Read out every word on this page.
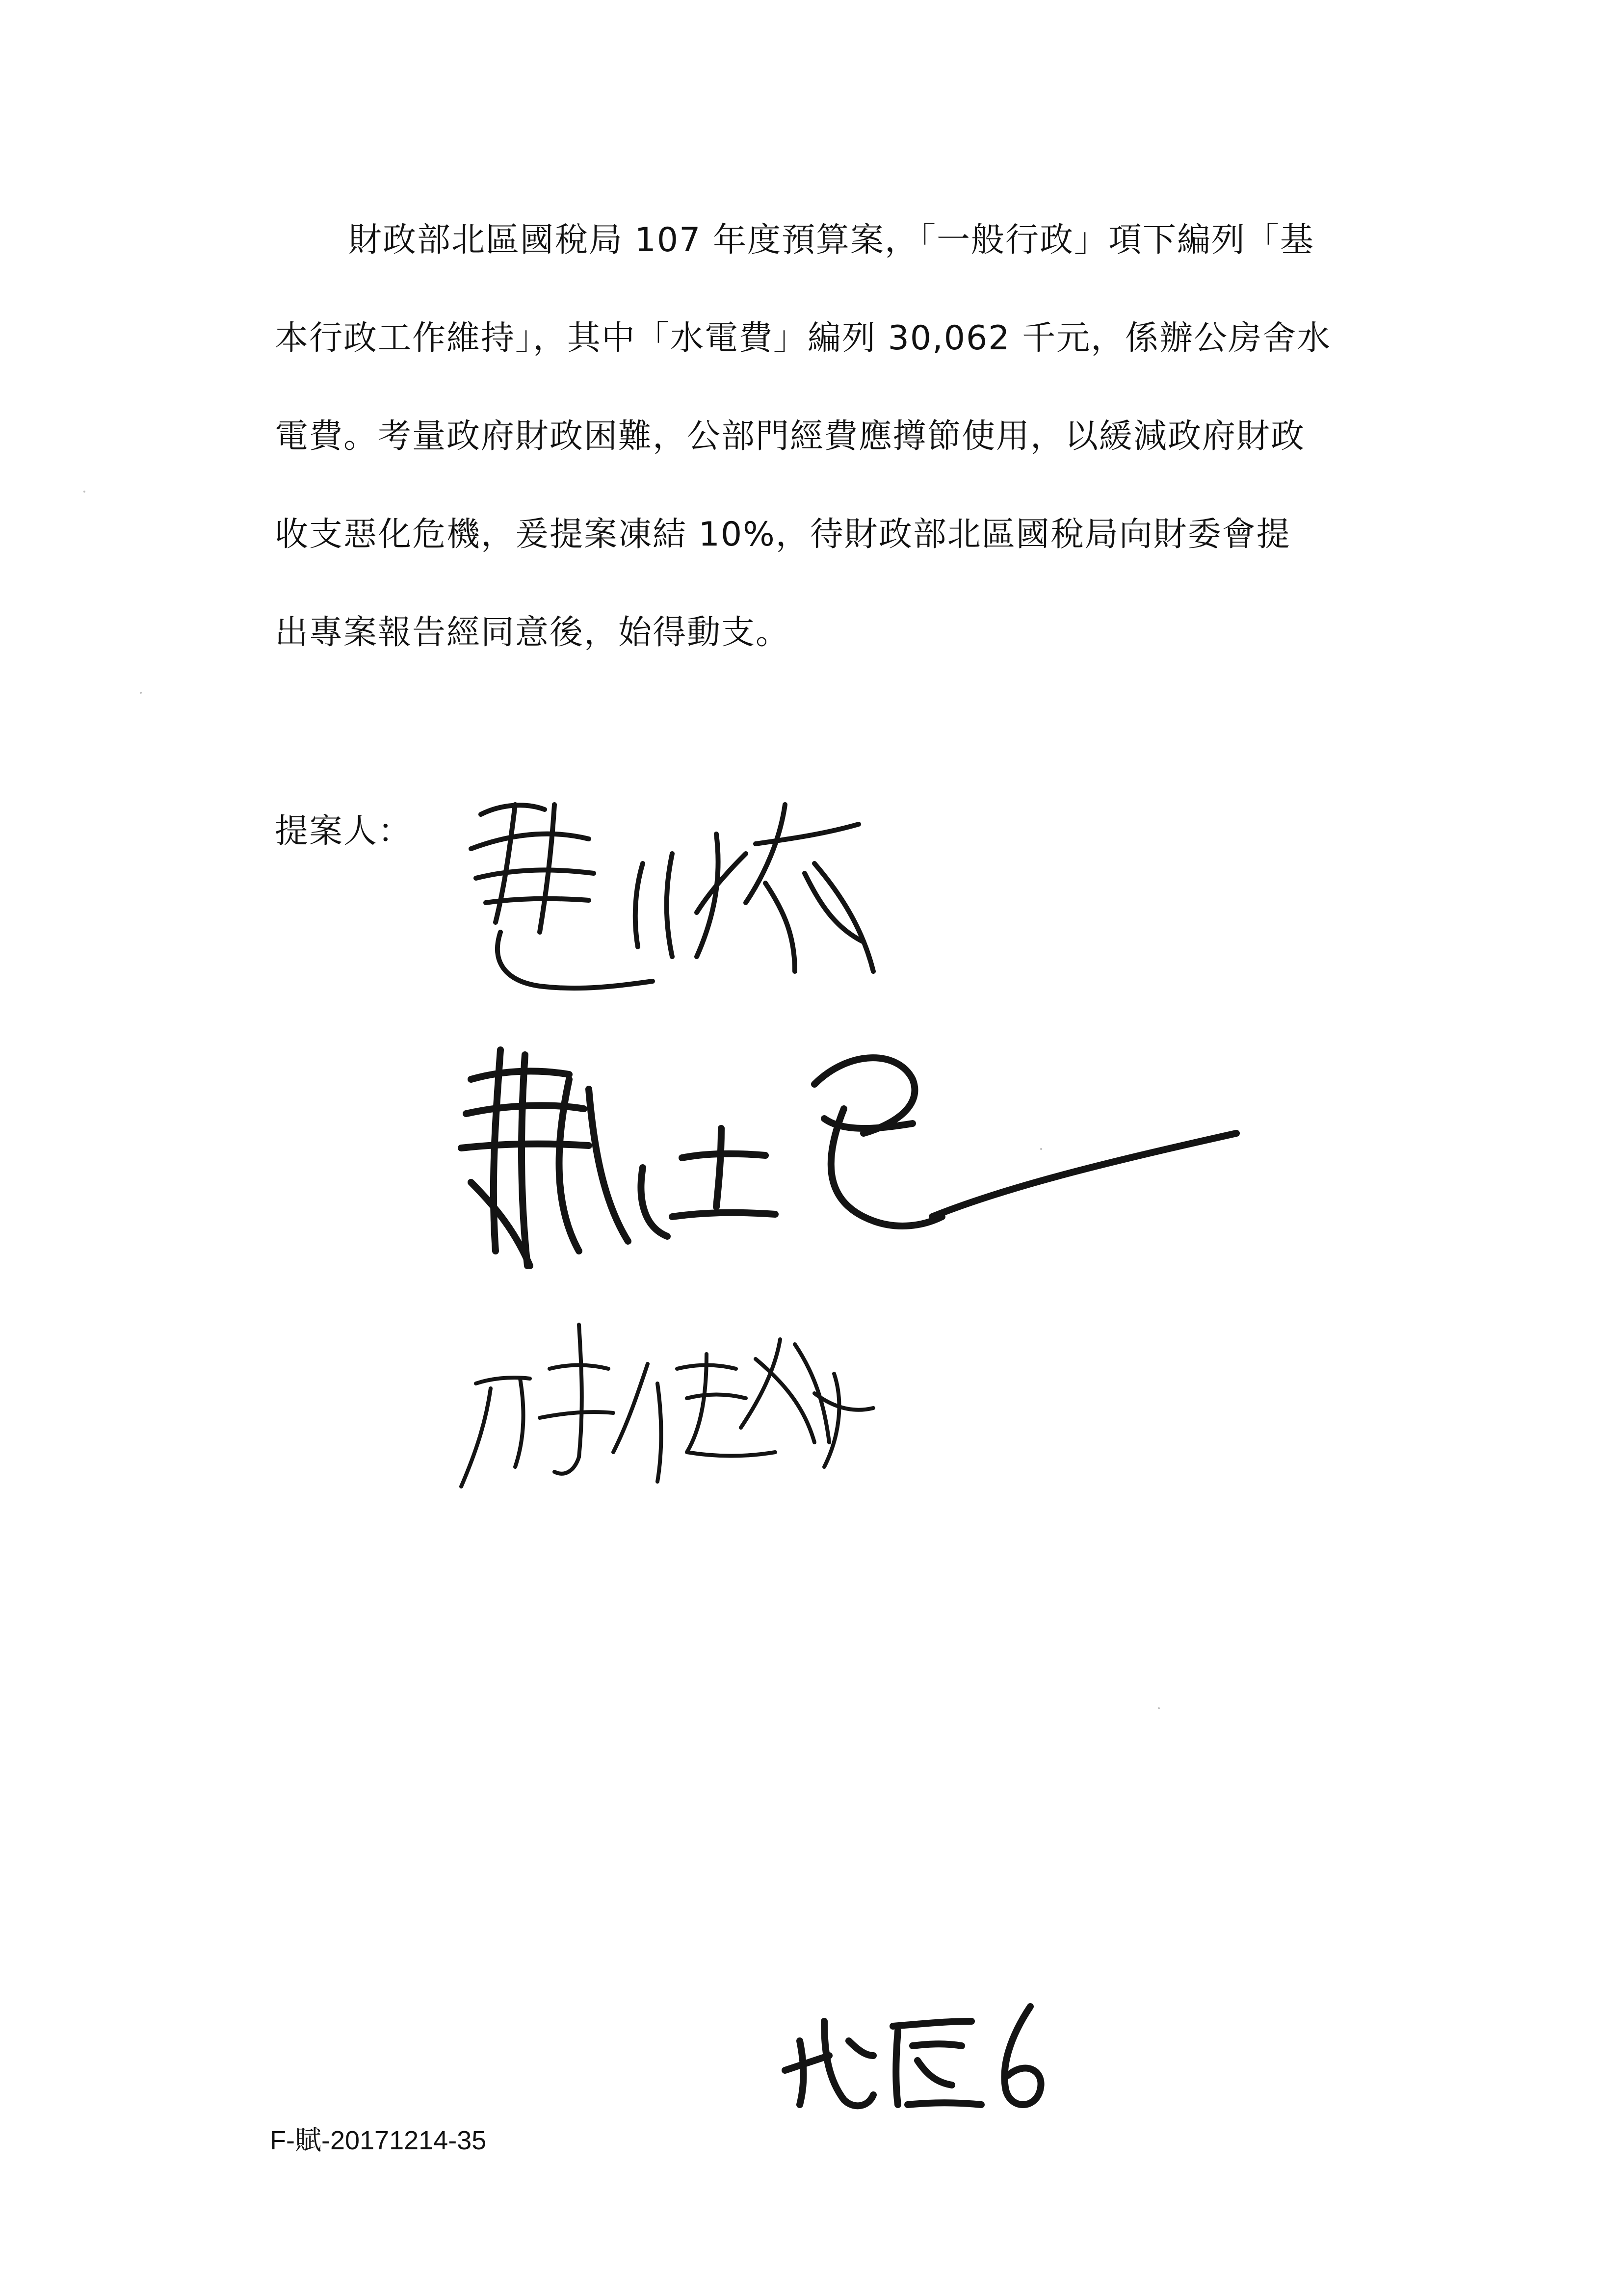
財政部北區國稅局 107 年度預算案，「一般行政」項下編列「基
本行政工作維持」，其中「水電費」編列 30,062 千元，係辦公房舍水
電費。考量政府財政困難，公部門經費應撙節使用，以緩減政府財政
收支惡化危機，爰提案凍結 10%，待財政部北區國稅局向財委會提
出專案報告經同意後，始得動支。
提案人：
F-賦-20171214-35
